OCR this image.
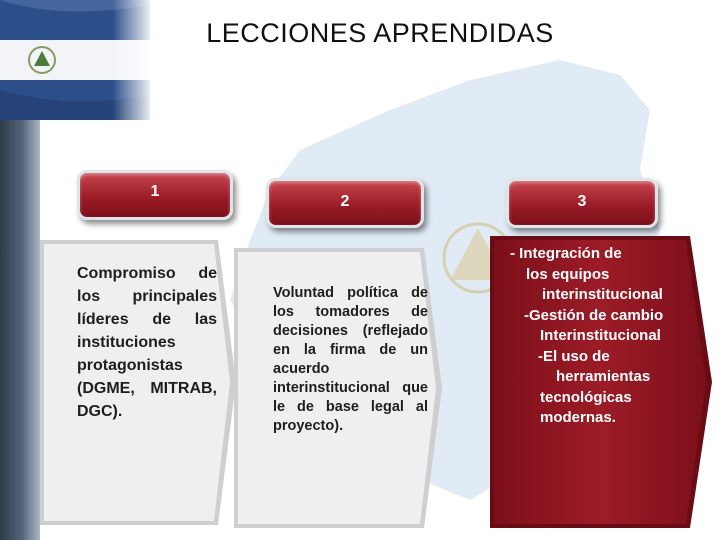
LECCIONES APRENDIDAS
1
Compromiso de los principales líderes de las instituciones protagonistas (DGME, MITRAB, DGC).
2
Voluntad política de los tomadores de decisiones (reflejado en la firma de un acuerdo interinstitucional que le de base legal al proyecto).
3
- Integración de
los equipos
interinstitucional
-Gestión de cambio
Interinstitucional
-El uso de
herramientas
tecnológicas
modernas.
